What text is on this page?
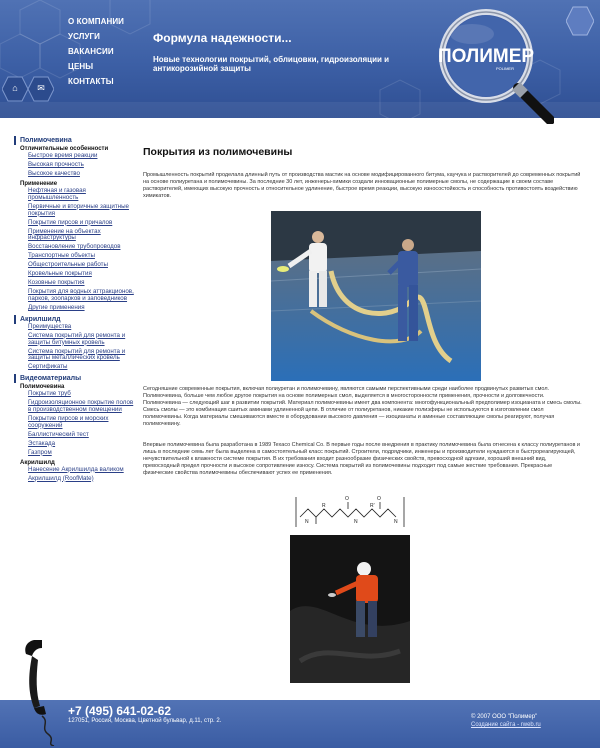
О КОМПАНИИ
УСЛУГИ
ВАКАНСИИ
ЦЕНЫ
КОНТАКТЫ
Формула надежности...
Новые технологии покрытий, облицовки, гидроизоляции и антикорозийной защиты
⌂	✉
ПОЛИМЕР
POLIMER
Полимочевина
Отличительные особенности
Быстрое время реакции
Высокая прочность
Высокое качество
Применение
Нефтяная и газовая промышленность
Первичные и вторичные защитные покрытия
Покрытие пирсов и причалов
Применение на объектах инфраструктуры
Восстановление трубопроводов
Транспортные объекты
Общестроительные работы
Кровельные покрытия
Козовные покрытия
Покрытия для водных аттракционов, парков, зоопарков и заповедников
Другие применения
Акрилшилд
Преимущества
Система покрытий для ремонта и защиты битумных кровель
Система покрытий для ремонта и защиты металлических кровель
Сертификаты
Видеоматериалы
Полимочевина
Покрытие труб
Гидроизоляционное покрытие полов в производственном помещении
Покрытие пирсов и морских сооружений
Баллистический тест
Эстакада
Газпром
Акрилшилд
Нанесение Акрилшилда валиком
Акрилшилд (RoofMate)
Покрытия из полимочевины
Промышленность покрытий проделала длинный путь от производства мастик на основе модифицированного битума, каучука и растворителей до современных покрытий на основе полиуретана и полимочевины. За последние 30 лет, инженеры-химики создали инновационные полимерные смолы, не содержащие в своем составе растворителей, имеющих высокую прочность и относительное удлинение, быстрое время реакции, высокую износостойкость и способность противостоять воздействию химикатов.
Сегодняшние современные покрытия, включая полиуретан и полимочевину, являются самыми перспективными среди наиболее продвинутых развитых смол. Полимочевина, больше чем любое другое покрытия на основе полимерных смол, выделяется в многосторонности применения, прочности и долговечности. Полимочевина — следующий шаг в развитии покрытий. Материал полимочевины имеет два компонента: многофункциональный предполимер изоцианата и смесь смолы. Смесь смолы — это комбинация сшитых аминами удлиненной цепи. В отличие от полиуретанов, никакие полиэфиры не используются в изготовлении смол полимочевины. Когда материалы смешиваются вместе в оборудовании высокого давления — изоцианаты и аминные составляющие смолы реагируют, получая полимочевину.
Впервые полимочевина была разработана в 1989 Texaco Chemical Co. В первые годы после внедрения в практику полимочевина была отнесена к классу полиуретанов и лишь в последние семь лет была выделена в самостоятельный класс покрытий. Строители, подрядчики, инженеры и производители нуждаются в быстрореагирующей, нечувствительной к влажности системе покрытия. В их требования входит разнообразие физических свойств, превосходной адгезии, хороший внешний вид, превосходный предел прочности и высокое сопротивление износу. Система покрытий из полимочевины подходит под самые жесткие требования. Прекрасные физические свойства полимочевины обеспечивают успех ее применения.
N
R
O
N
R'
O
N
+7 (495) 641-02-62
127051, Россия, Москва, Цветной бульвар, д.11, стр. 2.
© 2007 ООО "Полимер"
Создание сайта - rweb.ru
